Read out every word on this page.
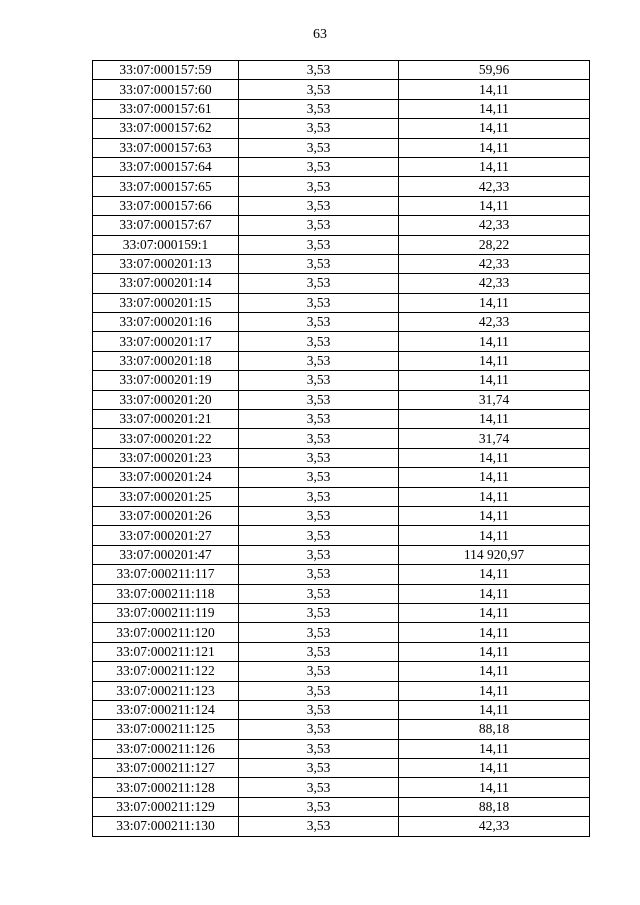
63
33:07:000157:59	3,53	59,96
33:07:000157:60	3,53	14,11
33:07:000157:61	3,53	14,11
33:07:000157:62	3,53	14,11
33:07:000157:63	3,53	14,11
33:07:000157:64	3,53	14,11
33:07:000157:65	3,53	42,33
33:07:000157:66	3,53	14,11
33:07:000157:67	3,53	42,33
33:07:000159:1	3,53	28,22
33:07:000201:13	3,53	42,33
33:07:000201:14	3,53	42,33
33:07:000201:15	3,53	14,11
33:07:000201:16	3,53	42,33
33:07:000201:17	3,53	14,11
33:07:000201:18	3,53	14,11
33:07:000201:19	3,53	14,11
33:07:000201:20	3,53	31,74
33:07:000201:21	3,53	14,11
33:07:000201:22	3,53	31,74
33:07:000201:23	3,53	14,11
33:07:000201:24	3,53	14,11
33:07:000201:25	3,53	14,11
33:07:000201:26	3,53	14,11
33:07:000201:27	3,53	14,11
33:07:000201:47	3,53	114 920,97
33:07:000211:117	3,53	14,11
33:07:000211:118	3,53	14,11
33:07:000211:119	3,53	14,11
33:07:000211:120	3,53	14,11
33:07:000211:121	3,53	14,11
33:07:000211:122	3,53	14,11
33:07:000211:123	3,53	14,11
33:07:000211:124	3,53	14,11
33:07:000211:125	3,53	88,18
33:07:000211:126	3,53	14,11
33:07:000211:127	3,53	14,11
33:07:000211:128	3,53	14,11
33:07:000211:129	3,53	88,18
33:07:000211:130	3,53	42,33
